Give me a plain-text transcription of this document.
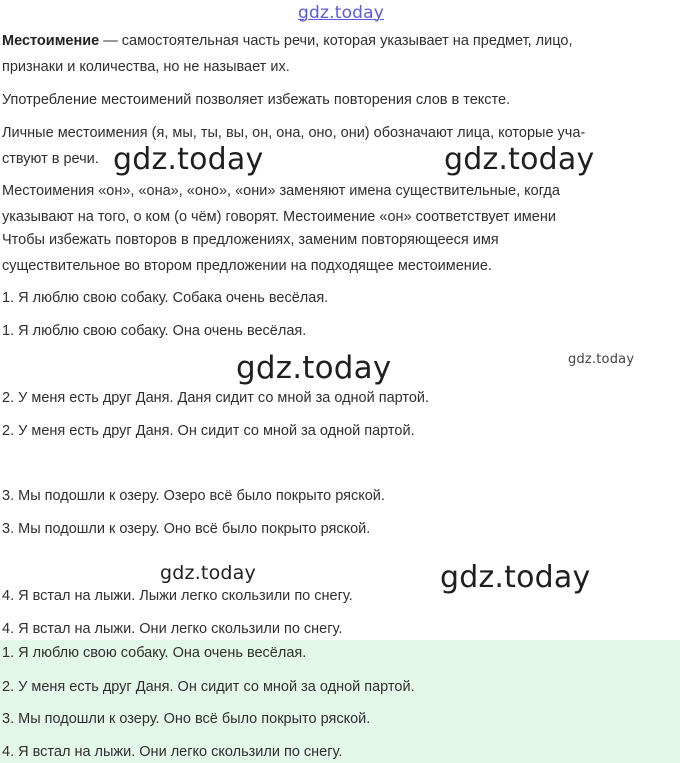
gdz.today

Местоимение — самостоятельная часть речи, которая указывает на предмет, лицо,

признаки и количества, но не называет их.

Употребление местоимений позволяет избежать повторения слов в тексте.

Личные местоимения (я, мы, ты, вы, он, она, оно, они) обозначают лица, которые уча-

ствуют в речи.

Местоимения «он», «она», «оно», «они» заменяют имена существительные, когда

указывают на того, о ком (о чём) говорят. Местоимение «он» соответствует имени

Чтобы избежать повторов в предложениях, заменим повторяющееся имя

существительное во втором предложении на подходящее местоимение.

1. Я люблю свою собаку. Собака очень весёлая.

1. Я люблю свою собаку. Она очень весёлая.

2. У меня есть друг Даня. Даня сидит со мной за одной партой.

2. У меня есть друг Даня. Он сидит со мной за одной партой.

3. Мы подошли к озеру. Озеро всё было покрыто ряской.

3. Мы подошли к озеру. Оно всё было покрыто ряской.

4. Я встал на лыжи. Лыжи легко скользили по снегу.

4. Я встал на лыжи. Они легко скользили по снегу.

1. Я люблю свою собаку. Она очень весёлая.

2. У меня есть друг Даня. Он сидит со мной за одной партой.

3. Мы подошли к озеру. Оно всё было покрыто ряской.

4. Я встал на лыжи. Они легко скользили по снегу.

gdz.today	gdz.today
gdz.today	gdz.today
gdz.today	gdz.today
